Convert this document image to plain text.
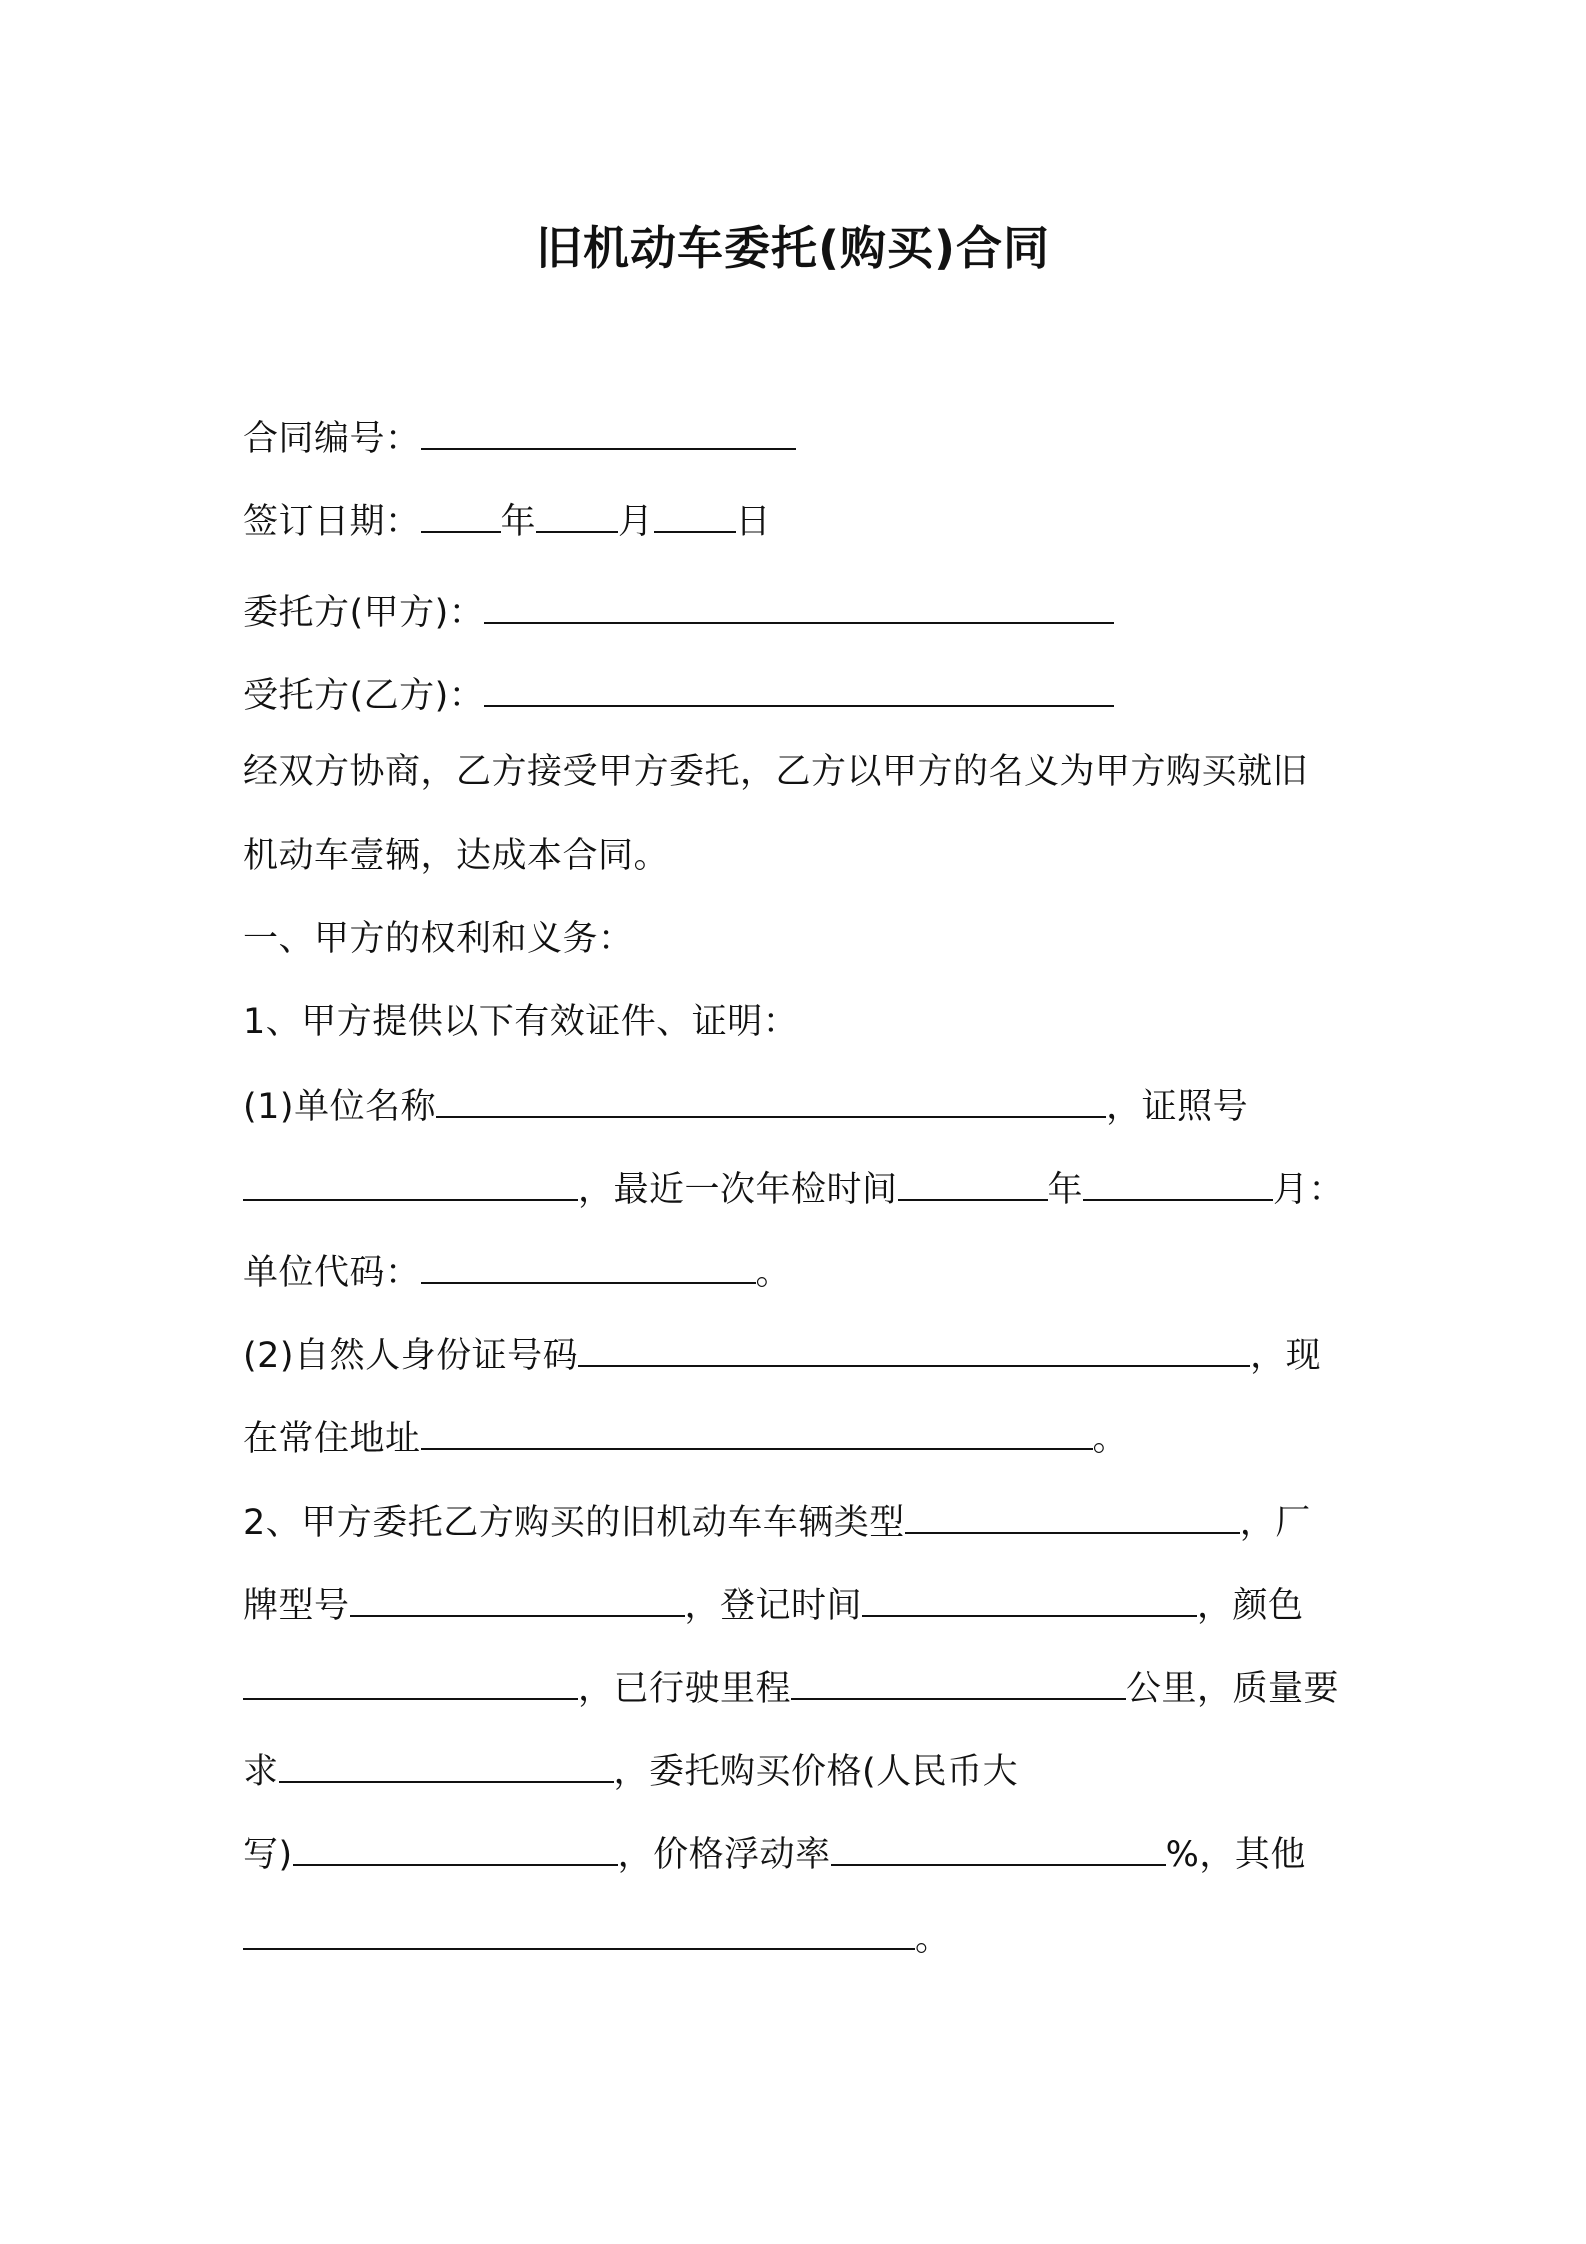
旧机动车委托(购买)合同

合同编号：

签订日期： 年 月 日

委托方(甲方)：

受托方(乙方)：

经双方协商，乙方接受甲方委托，乙方以甲方的名义为甲方购买就旧

机动车壹辆，达成本合同。

一、甲方的权利和义务：

1、甲方提供以下有效证件、证明：

(1)单位名称	，证照号

，最近一次年检时间	年	月：

单位代码：	。

(2)自然人身份证号码	，现

在常住地址	。

2、甲方委托乙方购买的旧机动车车辆类型	，厂

牌型号	，登记时间	，颜色

，已行驶里程	公里，质量要

求	，委托购买价格(人民币大

写)	，价格浮动率	%，其他

。
